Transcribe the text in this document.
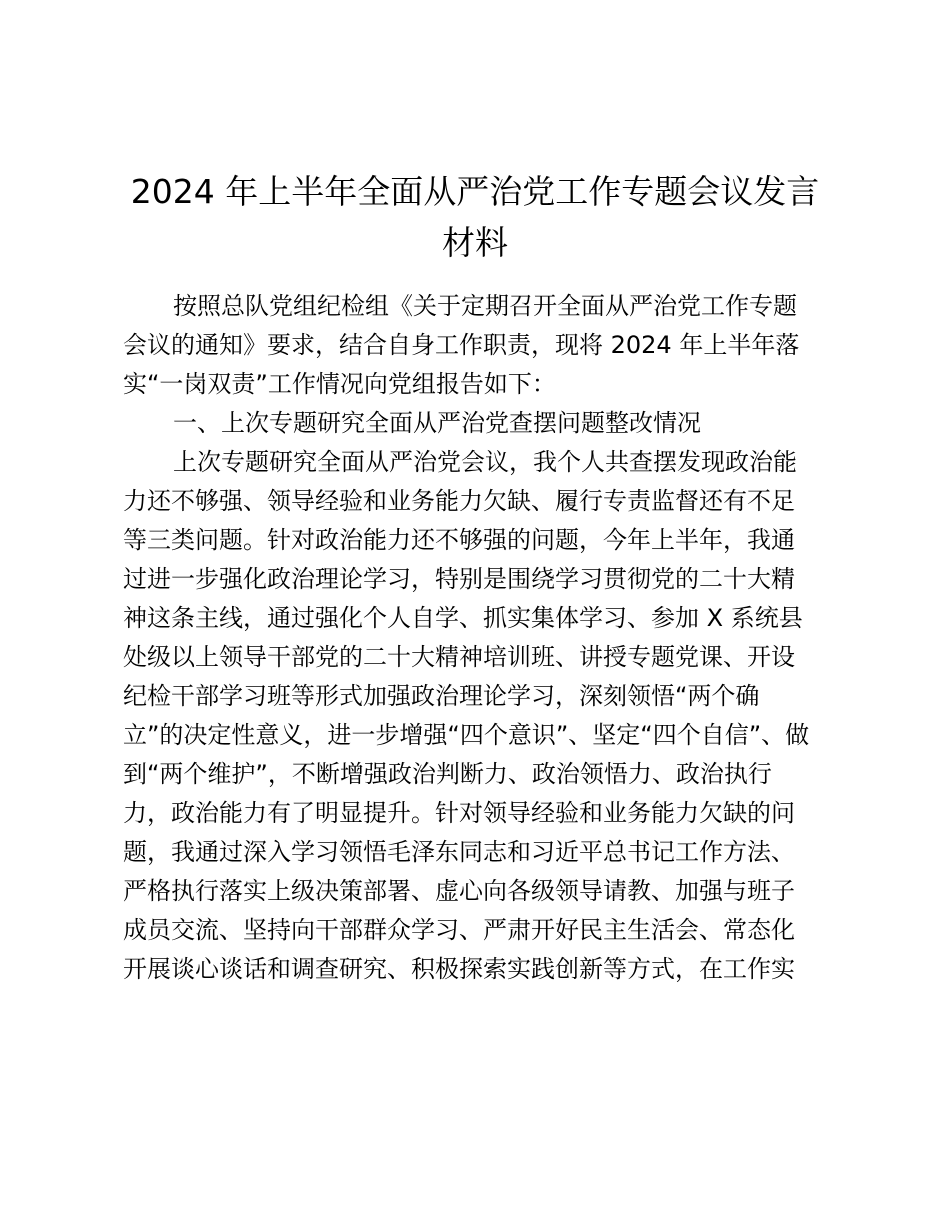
2024 年上半年全面从严治党工作专题会议发言
材料
按照总队党组纪检组《关于定期召开全面从严治党工作专题
会议的通知》要求，结合自身工作职责，现将 2024 年上半年落
实“一岗双责”工作情况向党组报告如下：
一、上次专题研究全面从严治党查摆问题整改情况
上次专题研究全面从严治党会议，我个人共查摆发现政治能
力还不够强、领导经验和业务能力欠缺、履行专责监督还有不足
等三类问题。针对政治能力还不够强的问题，今年上半年，我通
过进一步强化政治理论学习，特别是围绕学习贯彻党的二十大精
神这条主线，通过强化个人自学、抓实集体学习、参加 X 系统县
处级以上领导干部党的二十大精神培训班、讲授专题党课、开设
纪检干部学习班等形式加强政治理论学习，深刻领悟“两个确
立”的决定性意义，进一步增强“四个意识”、坚定“四个自信”、做
到“两个维护”，不断增强政治判断力、政治领悟力、政治执行
力，政治能力有了明显提升。针对领导经验和业务能力欠缺的问
题，我通过深入学习领悟毛泽东同志和习近平总书记工作方法、
严格执行落实上级决策部署、虚心向各级领导请教、加强与班子
成员交流、坚持向干部群众学习、严肃开好民主生活会、常态化
开展谈心谈话和调查研究、积极探索实践创新等方式，在工作实
